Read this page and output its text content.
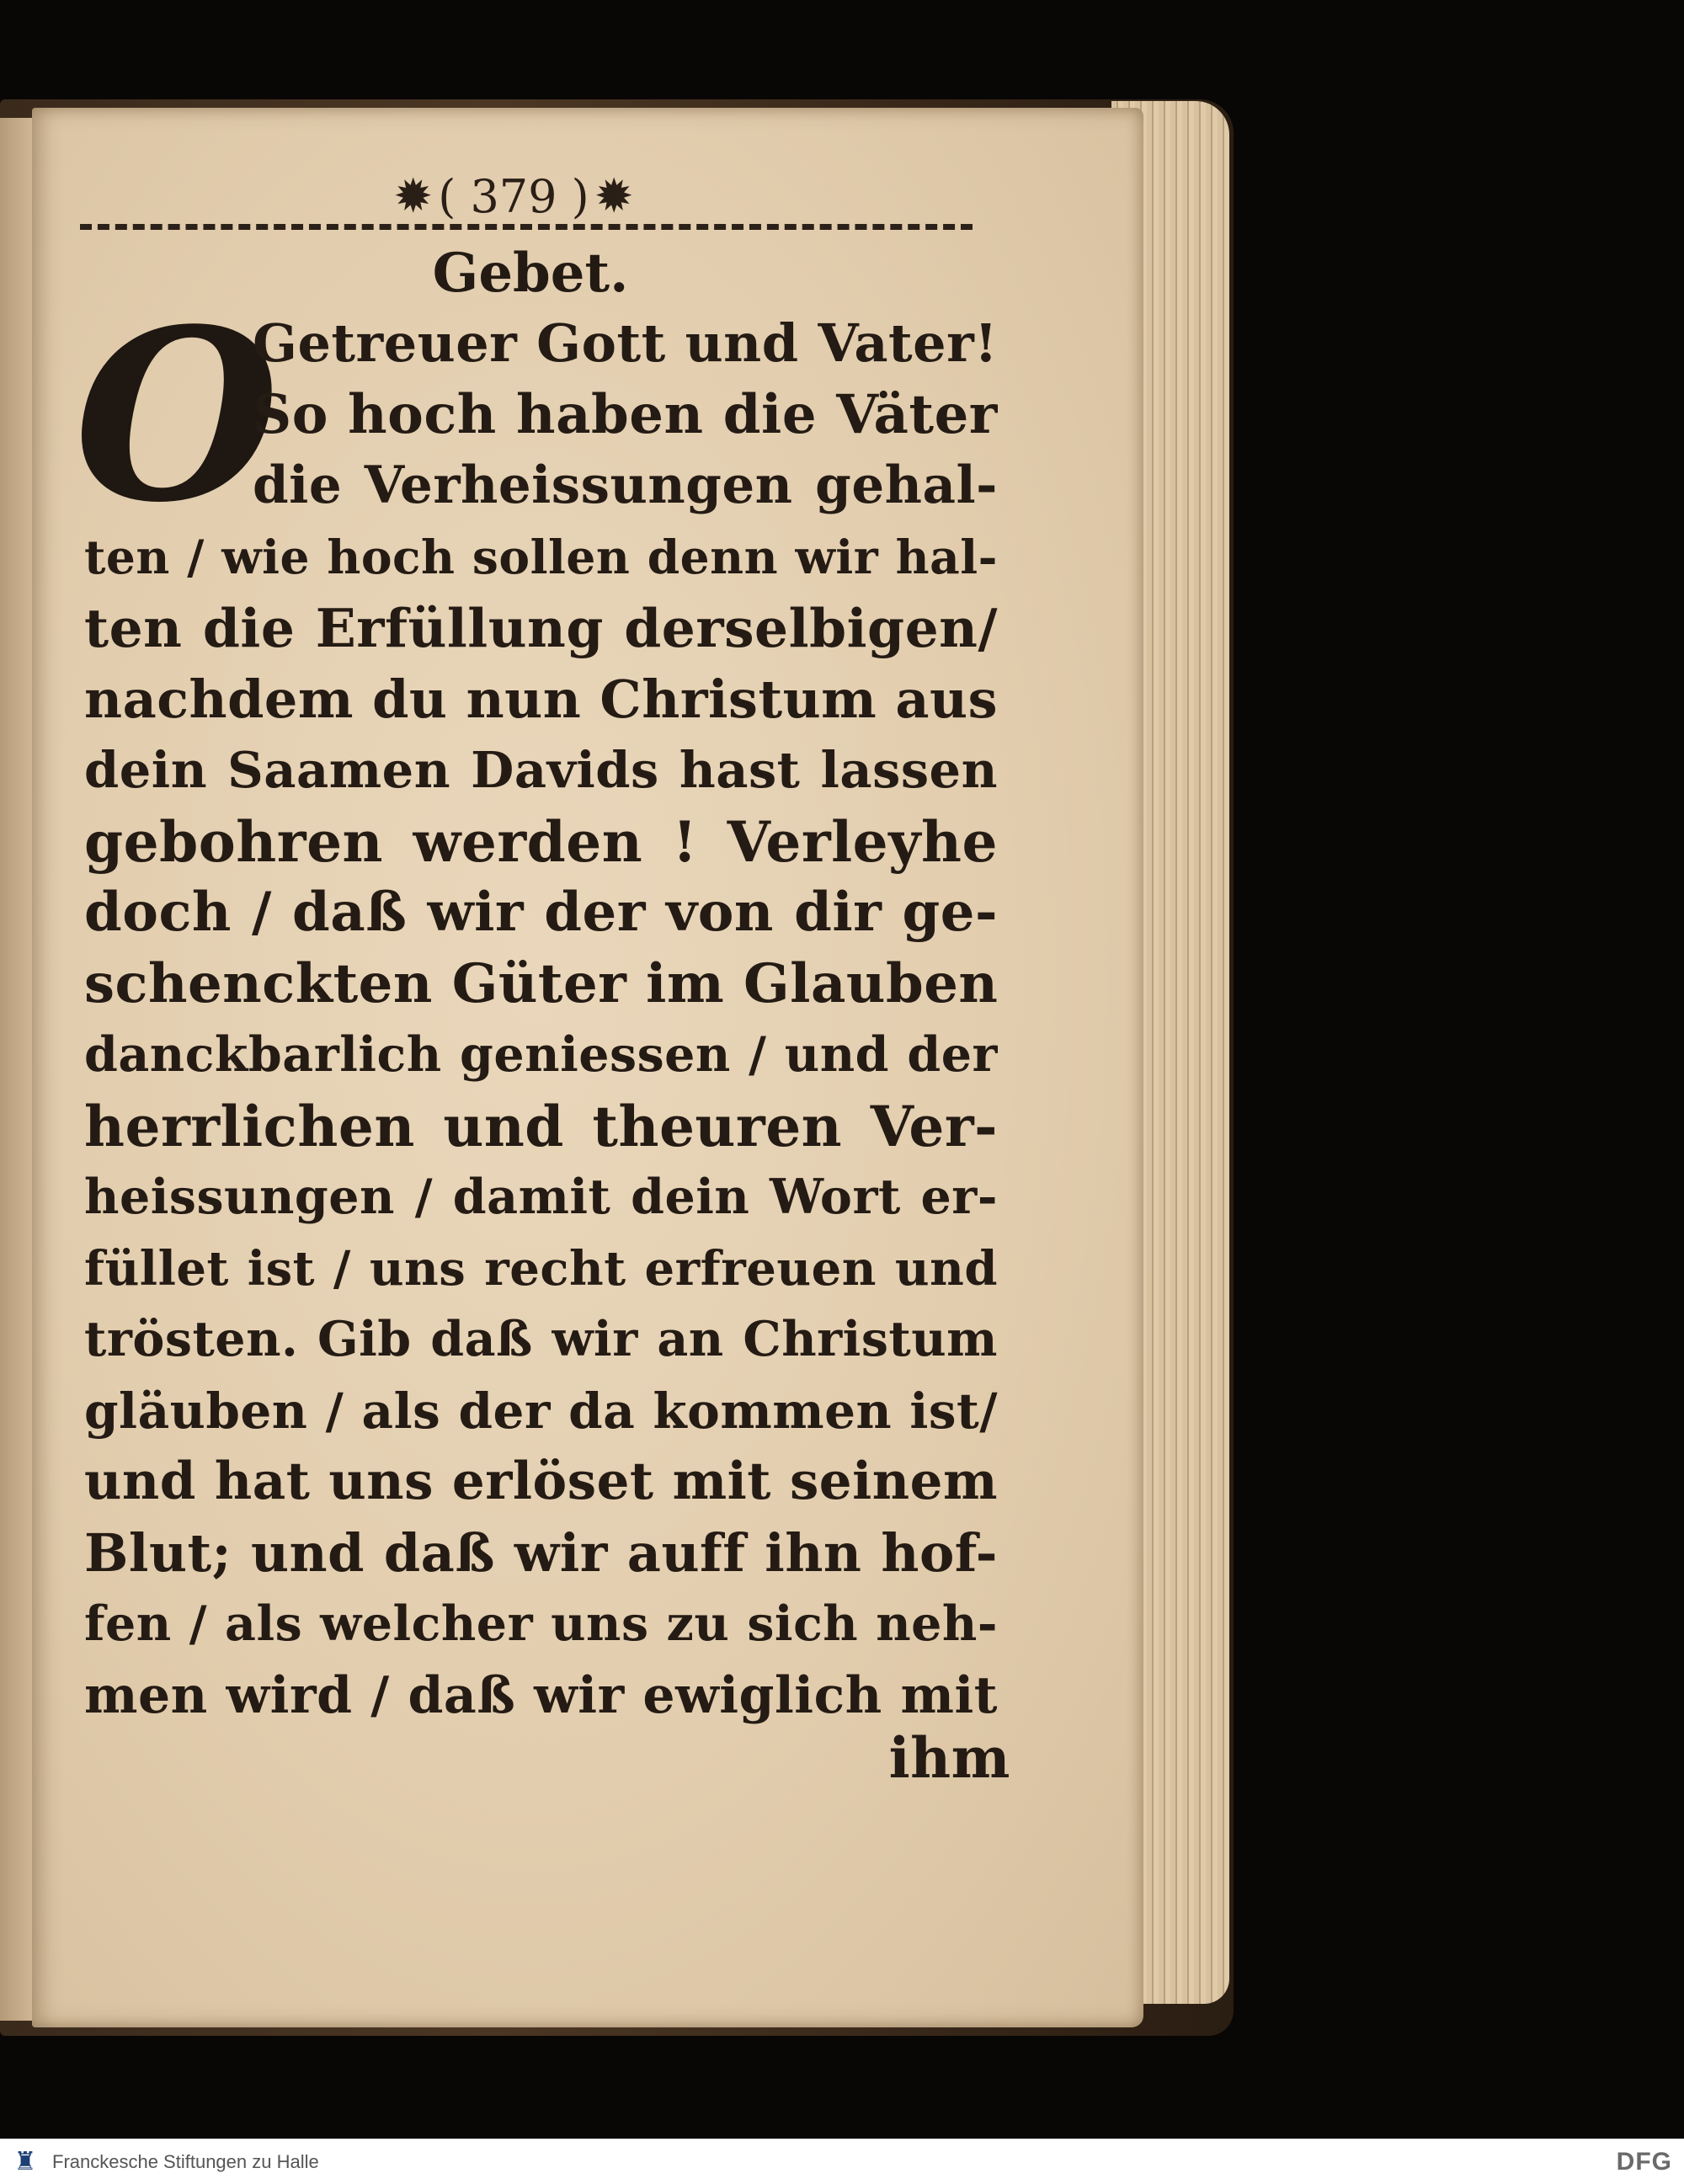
✹ ( 379 ) ✹
Gebet.
O
Getreuer Gott und Vater!
So hoch haben die Väter
die Verheissungen gehal-
ten / wie hoch sollen denn wir hal-
ten die Erfüllung derselbigen/
nachdem du nun Christum aus
dein Saamen Davids hast lassen
gebohren werden ! Verleyhe
doch / daß wir der von dir ge-
schenckten Güter im Glauben
danckbarlich geniessen / und der
herrlichen und theuren Ver-
heissungen / damit dein Wort er-
füllet ist / uns recht erfreuen und
trösten. Gib daß wir an Christum
gläuben / als der da kommen ist/
und hat uns erlöset mit seinem
Blut; und daß wir auff ihn hof-
fen / als welcher uns zu sich neh-
men wird / daß wir ewiglich mit
ihm
♜ Franckesche Stiftungen zu Halle	DFG
